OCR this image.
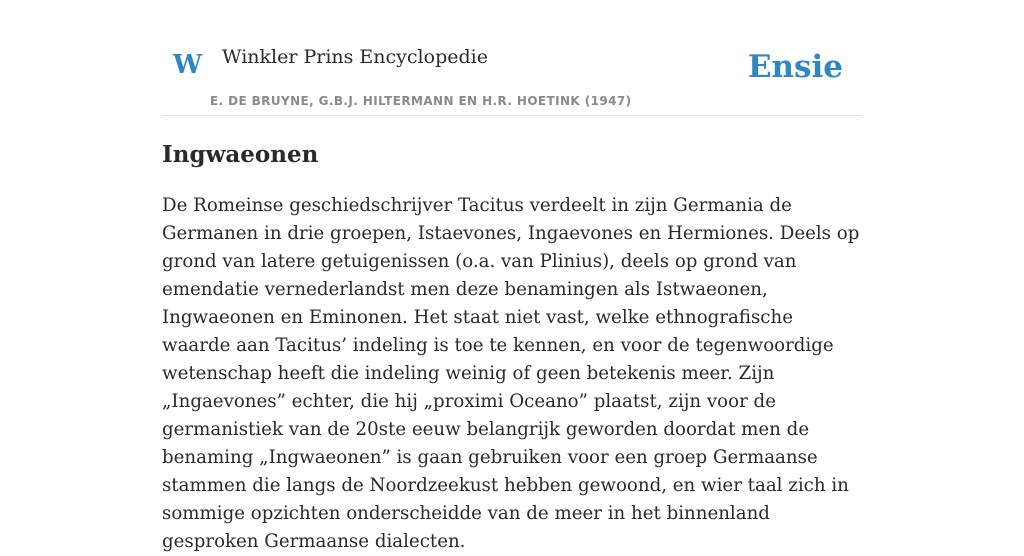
W Winkler Prins Encyclopedie	Ensie
E. DE BRUYNE, G.B.J. HILTERMANN EN H.R. HOETINK (1947)
Ingwaeonen

De Romeinse geschiedschrijver Tacitus verdeelt in zijn Germania de Germanen in drie groepen, Istaevones, Ingaevones en Hermiones. Deels op grond van latere getuigenissen (o.a. van Plinius), deels op grond van emendatie vernederlandst men deze benamingen als Istwaeonen, Ingwaeonen en Eminonen. Het staat niet vast, welke ethnografische waarde aan Tacitus’ indeling is toe te kennen, en voor de tegenwoordige wetenschap heeft die indeling weinig of geen betekenis meer. Zijn „Ingaevones” echter, die hij „proximi Oceano” plaatst, zijn voor de germanistiek van de 20ste eeuw belangrijk geworden doordat men de benaming „Ingwaeonen” is gaan gebruiken voor een groep Germaanse stammen die langs de Noordzeekust hebben gewoond, en wier taal zich in sommige opzichten onderscheidde van de meer in het binnenland gesproken Germaanse dialecten.
